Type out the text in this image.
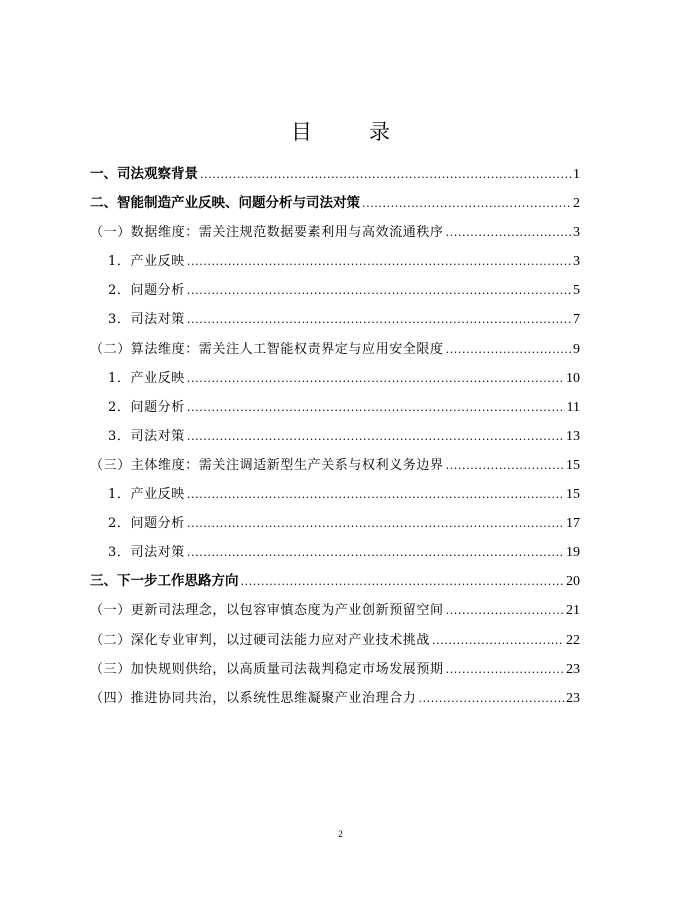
目　录
一、司法观察背景 .....	1
二、智能制造产业反映、问题分析与司法对策 .....	2
（一）数据维度：需关注规范数据要素利用与高效流通秩序 .....	3
1．产业反映 .....	3
2．问题分析 .....	5
3．司法对策 .....	7
（二）算法维度：需关注人工智能权责界定与应用安全限度 .....	9
1．产业反映 .....	10
2．问题分析 .....	11
3．司法对策 .....	13
（三）主体维度：需关注调适新型生产关系与权利义务边界 .....	15
1．产业反映 .....	15
2．问题分析 .....	17
3．司法对策 .....	19
三、下一步工作思路方向 .....	20
（一）更新司法理念，以包容审慎态度为产业创新预留空间 .....	21
（二）深化专业审判，以过硬司法能力应对产业技术挑战 .....	22
（三）加快规则供给，以高质量司法裁判稳定市场发展预期 .....	23
（四）推进协同共治，以系统性思维凝聚产业治理合力 .....	23
2
